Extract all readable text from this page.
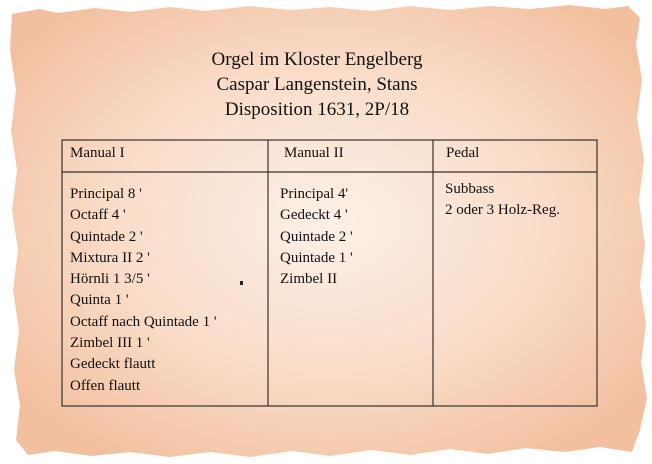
Orgel im Kloster Engelberg
Caspar Langenstein, Stans
Disposition 1631, 2P/18
Manual I	Manual II	Pedal
Principal 8 '
Octaff 4 '
Quintade 2 '
Mixtura II 2 '
Hörnli 1 3/5 '
Quinta 1 '
Octaff nach Quintade 1 '
Zimbel III 1 '
Gedeckt flautt
Offen flautt
Principal 4'
Gedeckt 4 '
Quintade 2 '
Quintade 1 '
Zimbel II
Subbass
2 oder 3 Holz-Reg.
